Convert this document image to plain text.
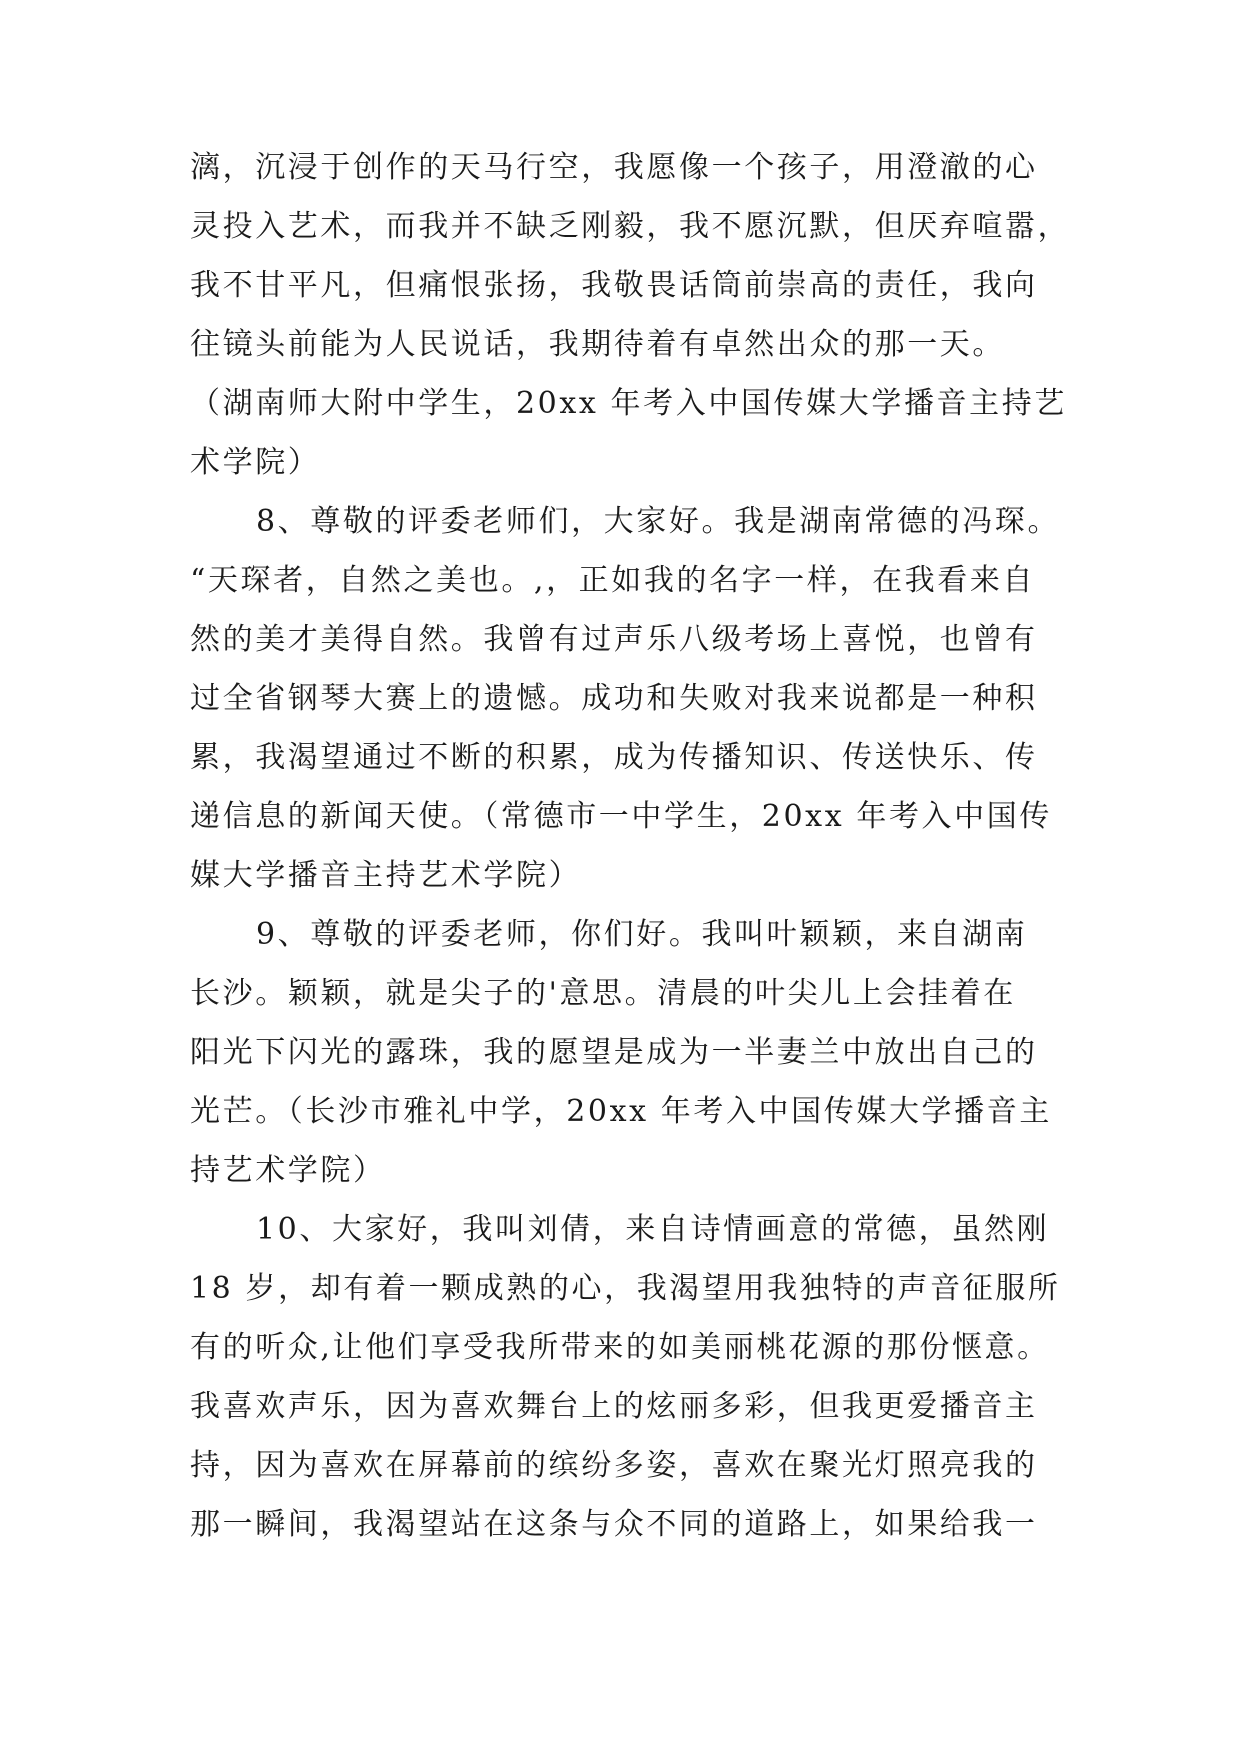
漓，沉浸于创作的天马行空，我愿像一个孩子，用澄澈的心
灵投入艺术，而我并不缺乏刚毅，我不愿沉默，但厌弃喧嚣，
我不甘平凡，但痛恨张扬，我敬畏话筒前崇高的责任，我向
往镜头前能为人民说话，我期待着有卓然出众的那一天。
（湖南师大附中学生，20xx 年考入中国传媒大学播音主持艺
术学院）
8、尊敬的评委老师们，大家好。我是湖南常德的冯琛。
“天琛者，自然之美也。,，正如我的名字一样，在我看来自
然的美才美得自然。我曾有过声乐八级考场上喜悦，也曾有
过全省钢琴大赛上的遗憾。成功和失败对我来说都是一种积
累，我渴望通过不断的积累，成为传播知识、传送快乐、传
递信息的新闻天使。（常德市一中学生，20xx 年考入中国传
媒大学播音主持艺术学院）
9、尊敬的评委老师，你们好。我叫叶颖颖，来自湖南
长沙。颖颖，就是尖子的'意思。清晨的叶尖儿上会挂着在
阳光下闪光的露珠，我的愿望是成为一半妻兰中放出自己的
光芒。（长沙市雅礼中学，20xx 年考入中国传媒大学播音主
持艺术学院）
10、大家好，我叫刘倩，来自诗情画意的常德，虽然刚
18 岁，却有着一颗成熟的心，我渴望用我独特的声音征服所
有的听众,让他们享受我所带来的如美丽桃花源的那份惬意。
我喜欢声乐，因为喜欢舞台上的炫丽多彩，但我更爱播音主
持，因为喜欢在屏幕前的缤纷多姿，喜欢在聚光灯照亮我的
那一瞬间，我渴望站在这条与众不同的道路上，如果给我一
